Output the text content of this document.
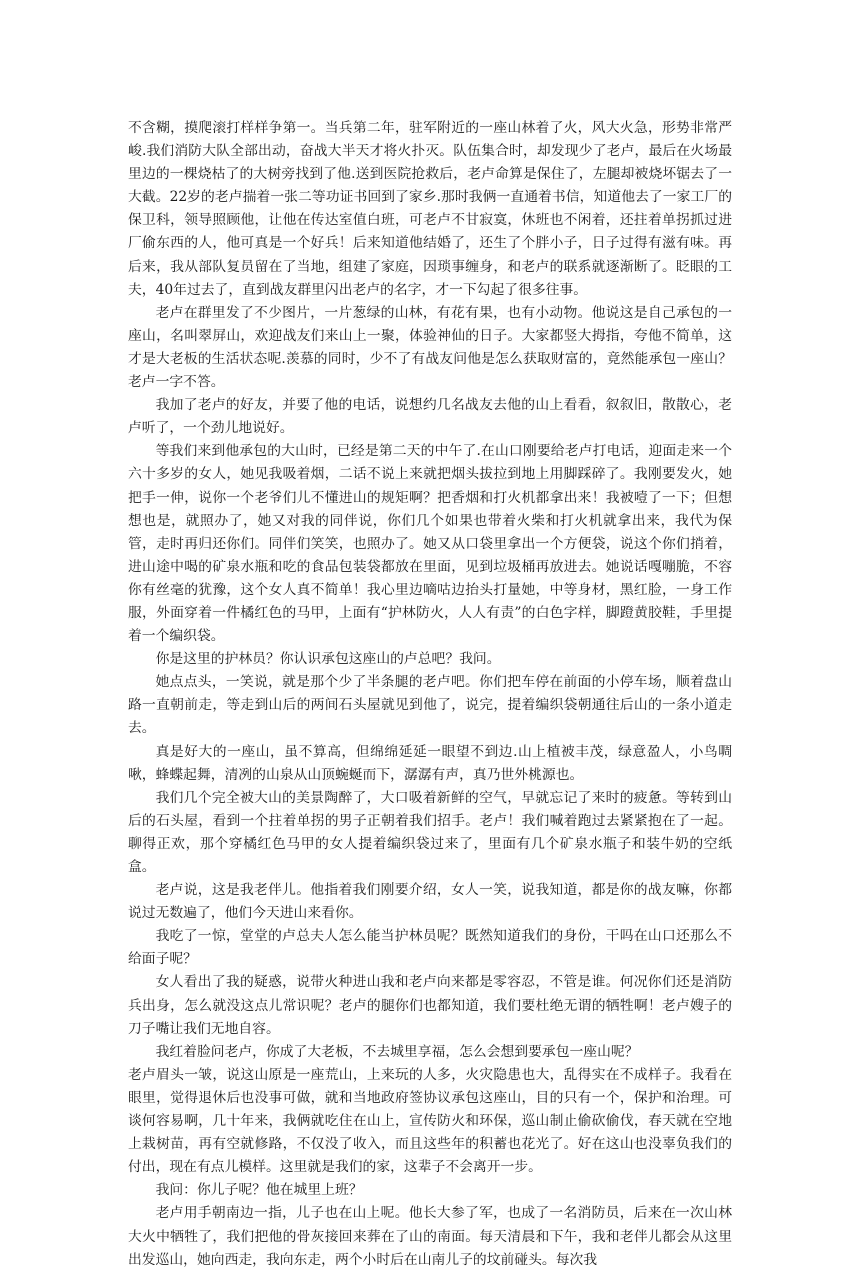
不含糊，摸爬滚打样样争第一。当兵第二年，驻军附近的一座山林着了火，风大火急，形势非常严峻.我们消防大队全部出动，奋战大半天才将火扑灭。队伍集合时，却发现少了老卢，最后在火场最里边的一棵烧枯了的大树旁找到了他.送到医院抢救后，老卢命算是保住了，左腿却被烧坏锯去了一大截。22岁的老卢揣着一张二等功证书回到了家乡.那时我俩一直通着书信，知道他去了一家工厂的保卫科，领导照顾他，让他在传达室值白班，可老卢不甘寂寞，休班也不闲着，还拄着单拐抓过进厂偷东西的人，他可真是一个好兵！后来知道他结婚了，还生了个胖小子，日子过得有滋有味。再后来，我从部队复员留在了当地，组建了家庭，因琐事缠身，和老卢的联系就逐渐断了。眨眼的工夫，40年过去了，直到战友群里闪出老卢的名字，才一下勾起了很多往事。

老卢在群里发了不少图片，一片葱绿的山林，有花有果，也有小动物。他说这是自己承包的一座山，名叫翠屏山，欢迎战友们来山上一聚，体验神仙的日子。大家都竖大拇指，夸他不简单，这才是大老板的生活状态呢.羡慕的同时，少不了有战友问他是怎么获取财富的，竟然能承包一座山？老卢一字不答。

我加了老卢的好友，并要了他的电话，说想约几名战友去他的山上看看，叙叙旧，散散心，老卢听了，一个劲儿地说好。

等我们来到他承包的大山时，已经是第二天的中午了.在山口刚要给老卢打电话，迎面走来一个六十多岁的女人，她见我吸着烟，二话不说上来就把烟头拔拉到地上用脚踩碎了。我刚要发火，她把手一伸，说你一个老爷们儿不懂进山的规矩啊？把香烟和打火机都拿出来！我被噎了一下；但想想也是，就照办了，她又对我的同伴说，你们几个如果也带着火柴和打火机就拿出来，我代为保管，走时再归还你们。同伴们笑笑，也照办了。她又从口袋里拿出一个方便袋，说这个你们捎着，进山途中喝的矿泉水瓶和吃的食品包装袋都放在里面，见到垃圾桶再放进去。她说话嘎嘣脆，不容你有丝毫的犹豫，这个女人真不简单！我心里边嘀咕边抬头打量她，中等身材，黑红脸，一身工作服，外面穿着一件橘红色的马甲，上面有“护林防火，人人有责”的白色字样，脚蹬黄胶鞋，手里提着一个编织袋。

你是这里的护林员？你认识承包这座山的卢总吧？我问。

她点点头，一笑说，就是那个少了半条腿的老卢吧。你们把车停在前面的小停车场，顺着盘山路一直朝前走，等走到山后的两间石头屋就见到他了，说完，提着编织袋朝通往后山的一条小道走去。

真是好大的一座山，虽不算高，但绵绵延延一眼望不到边.山上植被丰茂，绿意盈人，小鸟啁啾，蜂蝶起舞，清冽的山泉从山顶蜿蜒而下，潺潺有声，真乃世外桃源也。

我们几个完全被大山的美景陶醉了，大口吸着新鲜的空气，早就忘记了来时的疲惫。等转到山后的石头屋，看到一个拄着单拐的男子正朝着我们招手。老卢！我们喊着跑过去紧紧抱在了一起。聊得正欢，那个穿橘红色马甲的女人提着编织袋过来了，里面有几个矿泉水瓶子和装牛奶的空纸盒。

老卢说，这是我老伴儿。他指着我们刚要介绍，女人一笑，说我知道，都是你的战友嘛，你都说过无数遍了，他们今天进山来看你。

我吃了一惊，堂堂的卢总夫人怎么能当护林员呢？既然知道我们的身份，干吗在山口还那么不给面子呢？

女人看出了我的疑惑，说带火种进山我和老卢向来都是零容忍，不管是谁。何况你们还是消防兵出身，怎么就没这点儿常识呢？老卢的腿你们也都知道，我们要杜绝无谓的牺牲啊！老卢嫂子的刀子嘴让我们无地自容。

我红着脸问老卢，你成了大老板，不去城里享福，怎么会想到要承包一座山呢？

老卢眉头一皱，说这山原是一座荒山，上来玩的人多，火灾隐患也大，乱得实在不成样子。我看在眼里，觉得退休后也没事可做，就和当地政府签协议承包这座山，目的只有一个，保护和治理。可谈何容易啊，几十年来，我俩就吃住在山上，宣传防火和环保，巡山制止偷砍偷伐，春天就在空地上栽树苗，再有空就修路，不仅没了收入，而且这些年的积蓄也花光了。好在这山也没辜负我们的付出，现在有点儿模样。这里就是我们的家，这辈子不会离开一步。

我问：你儿子呢？他在城里上班？

老卢用手朝南边一指，儿子也在山上呢。他长大参了军，也成了一名消防员，后来在一次山林大火中牺牲了，我们把他的骨灰接回来葬在了山的南面。每天清晨和下午，我和老伴儿都会从这里出发巡山，她向西走，我向东走，两个小时后在山南儿子的坟前碰头。每次我
